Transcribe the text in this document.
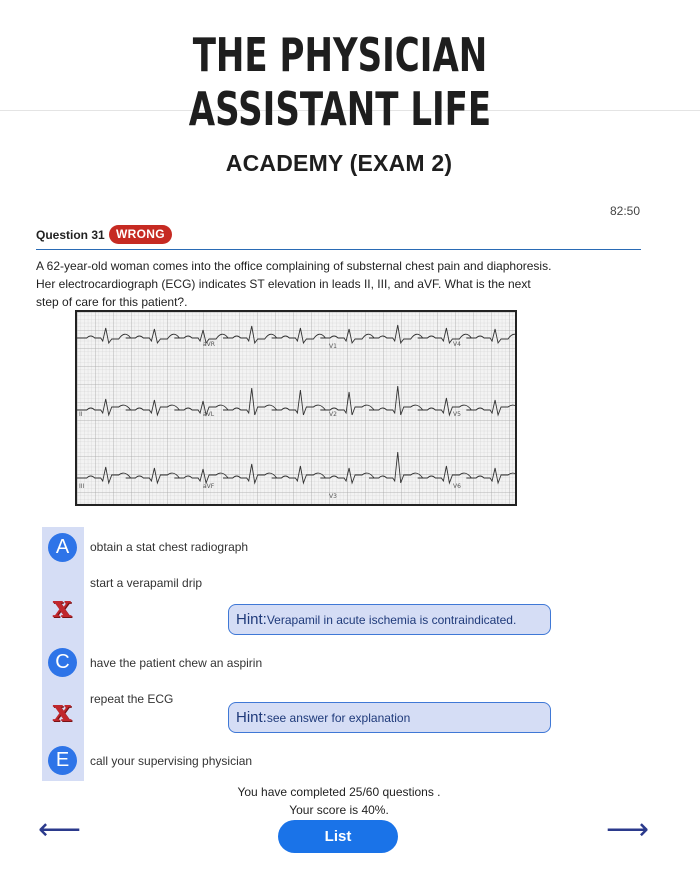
THE PHYSICIAN ASSISTANT LIFE
ACADEMY (EXAM 2)
82:50
Question 31 WRONG
A 62-year-old woman comes into the office complaining of substernal chest pain and diaphoresis. Her electrocardiograph (ECG) indicates ST elevation in leads II, III, and aVF. What is the next step of care for this patient?.
aVR	V1	V4
aVL	V2	V5
aVF
V3
V6
II
III
A	obtain a stat chest radiograph
x
start a verapamil drip
Hint:Verapamil in acute ischemia is contraindicated.
C	have the patient chew an aspirin
x	repeat the ECG
Hint:see answer for explanation
E	call your supervising physician
You have completed 25/60 questions .
Your score is 40%.
⟵	List	⟶
